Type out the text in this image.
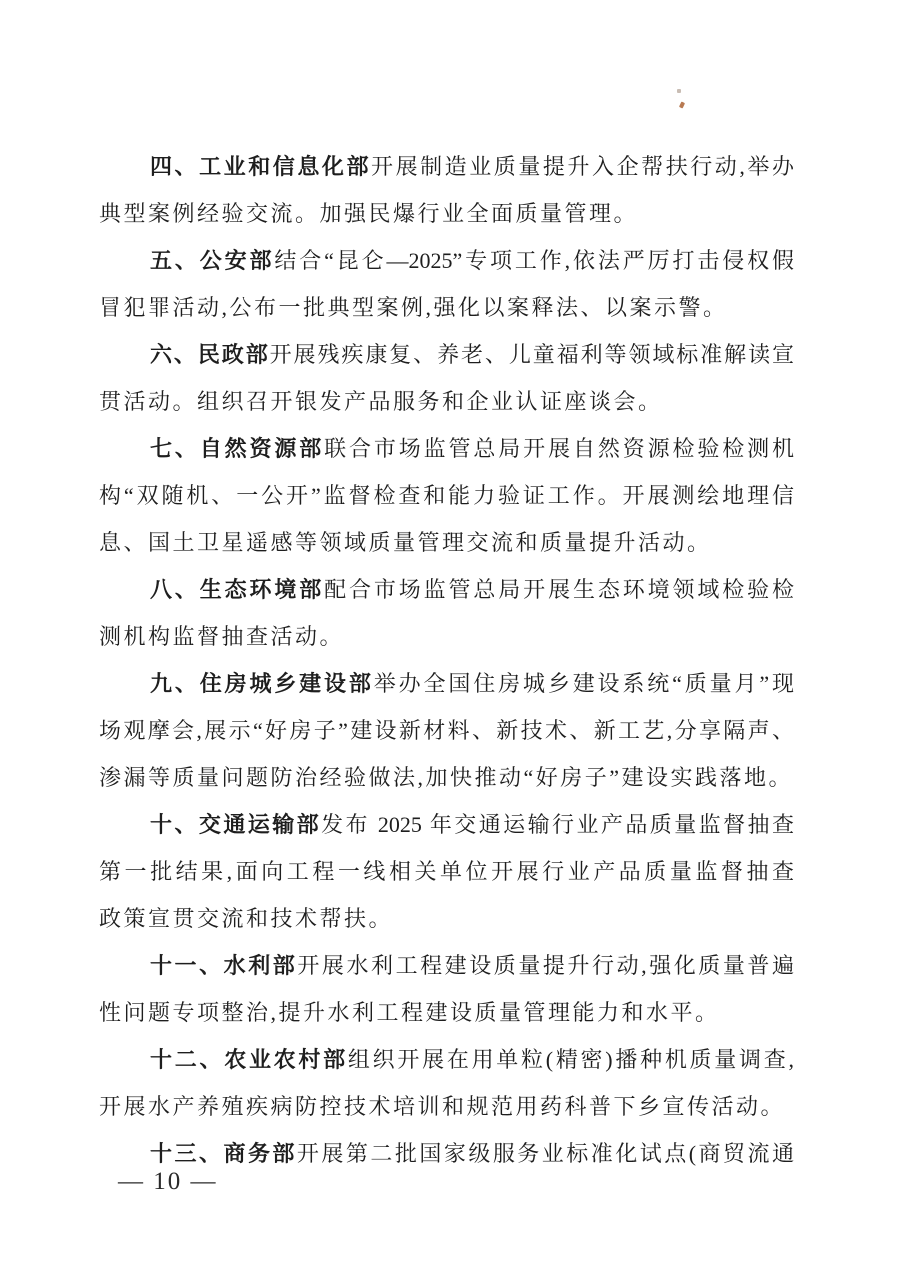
四、工业和信息化部开展制造业质量提升入企帮扶行动,举办
典型案例经验交流。加强民爆行业全面质量管理。
五、公安部结合“昆仑—2025”专项工作,依法严厉打击侵权假
冒犯罪活动,公布一批典型案例,强化以案释法、以案示警。
六、民政部开展残疾康复、养老、儿童福利等领域标准解读宣
贯活动。组织召开银发产品服务和企业认证座谈会。
七、自然资源部联合市场监管总局开展自然资源检验检测机
构“双随机、一公开”监督检查和能力验证工作。开展测绘地理信
息、国土卫星遥感等领域质量管理交流和质量提升活动。
八、生态环境部配合市场监管总局开展生态环境领域检验检
测机构监督抽查活动。
九、住房城乡建设部举办全国住房城乡建设系统“质量月”现
场观摩会,展示“好房子”建设新材料、新技术、新工艺,分享隔声、
渗漏等质量问题防治经验做法,加快推动“好房子”建设实践落地。
十、交通运输部发布 2025 年交通运输行业产品质量监督抽查
第一批结果,面向工程一线相关单位开展行业产品质量监督抽查
政策宣贯交流和技术帮扶。
十一、水利部开展水利工程建设质量提升行动,强化质量普遍
性问题专项整治,提升水利工程建设质量管理能力和水平。
十二、农业农村部组织开展在用单粒(精密)播种机质量调查,
开展水产养殖疾病防控技术培训和规范用药科普下乡宣传活动。
十三、商务部开展第二批国家级服务业标准化试点(商贸流通
— 10 —
